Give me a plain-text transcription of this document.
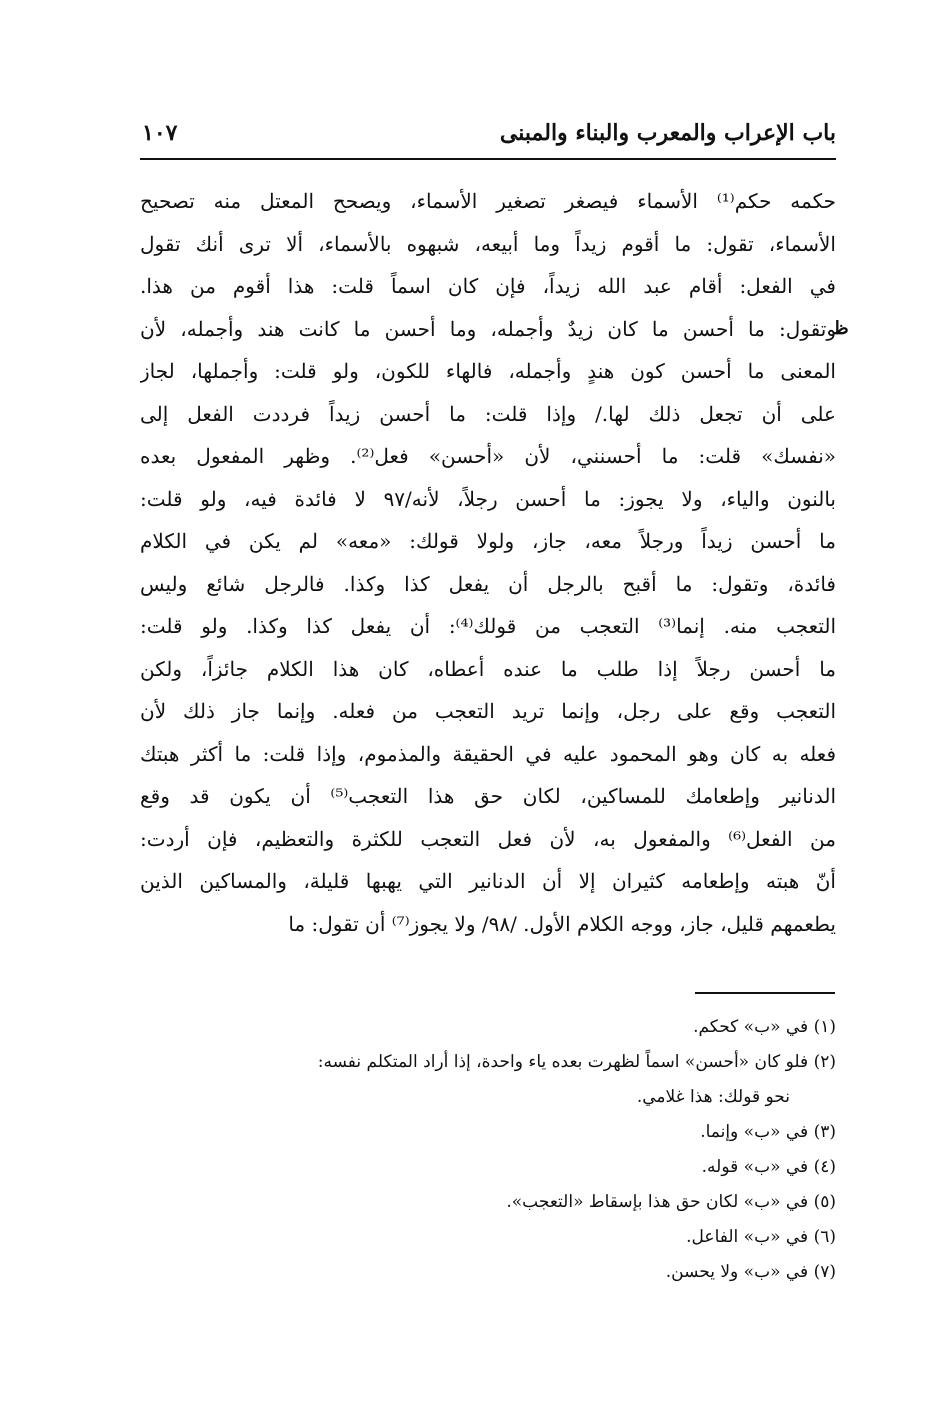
باب الإعراب والمعرب والبناء والمبنى
١٠٧
ظ
حكمه حكم⁽¹⁾ الأسماء فيصغر تصغير الأسماء، ويصحح المعتل منه تصحيح
الأسماء، تقول: ما أقوم زيداً وما أبيعه، شبهوه بالأسماء، ألا ترى أنك تقول
في الفعل: أقام عبد الله زيداً، فإن كان اسماً قلت: هذا أقوم من هذا.
وتقول: ما أحسن ما كان زيدٌ وأجمله، وما أحسن ما كانت هند وأجمله، لأن
المعنى ما أحسن كون هندٍ وأجمله، فالهاء للكون، ولو قلت: وأجملها، لجاز
على أن تجعل ذلك لها./ وإذا قلت: ما أحسن زيداً فرددت الفعل إلى
«نفسك» قلت: ما أحسنني، لأن «أحسن» فعل⁽²⁾. وظهر المفعول بعده
بالنون والياء، ولا يجوز: ما أحسن رجلاً، لأنه/٩٧ لا فائدة فيه، ولو قلت:
ما أحسن زيداً ورجلاً معه، جاز، ولولا قولك: «معه» لم يكن في الكلام
فائدة، وتقول: ما أقبح بالرجل أن يفعل كذا وكذا. فالرجل شائع وليس
التعجب منه. إنما⁽³⁾ التعجب من قولك⁽⁴⁾: أن يفعل كذا وكذا. ولو قلت:
ما أحسن رجلاً إذا طلب ما عنده أعطاه، كان هذا الكلام جائزاً، ولكن
التعجب وقع على رجل، وإنما تريد التعجب من فعله. وإنما جاز ذلك لأن
فعله به كان وهو المحمود عليه في الحقيقة والمذموم، وإذا قلت: ما أكثر هبتك
الدنانير وإطعامك للمساكين، لكان حق هذا التعجب⁽⁵⁾ أن يكون قد وقع
من الفعل⁽⁶⁾ والمفعول به، لأن فعل التعجب للكثرة والتعظيم، فإن أردت:
أنّ هبته وإطعامه كثيران إلا أن الدنانير التي يهبها قليلة، والمساكين الذين
يطعمهم قليل، جاز، ووجه الكلام الأول. /٩٨/ ولا يجوز⁽⁷⁾ أن تقول: ما
(١) في «ب» كحكم.
(٢) فلو كان «أحسن» اسماً لظهرت بعده ياء واحدة، إذا أراد المتكلم نفسه:
نحو قولك: هذا غلامي.
(٣) في «ب» وإنما.
(٤) في «ب» قوله.
(٥) في «ب» لكان حق هذا بإسقاط «التعجب».
(٦) في «ب» الفاعل.
(٧) في «ب» ولا يحسن.
